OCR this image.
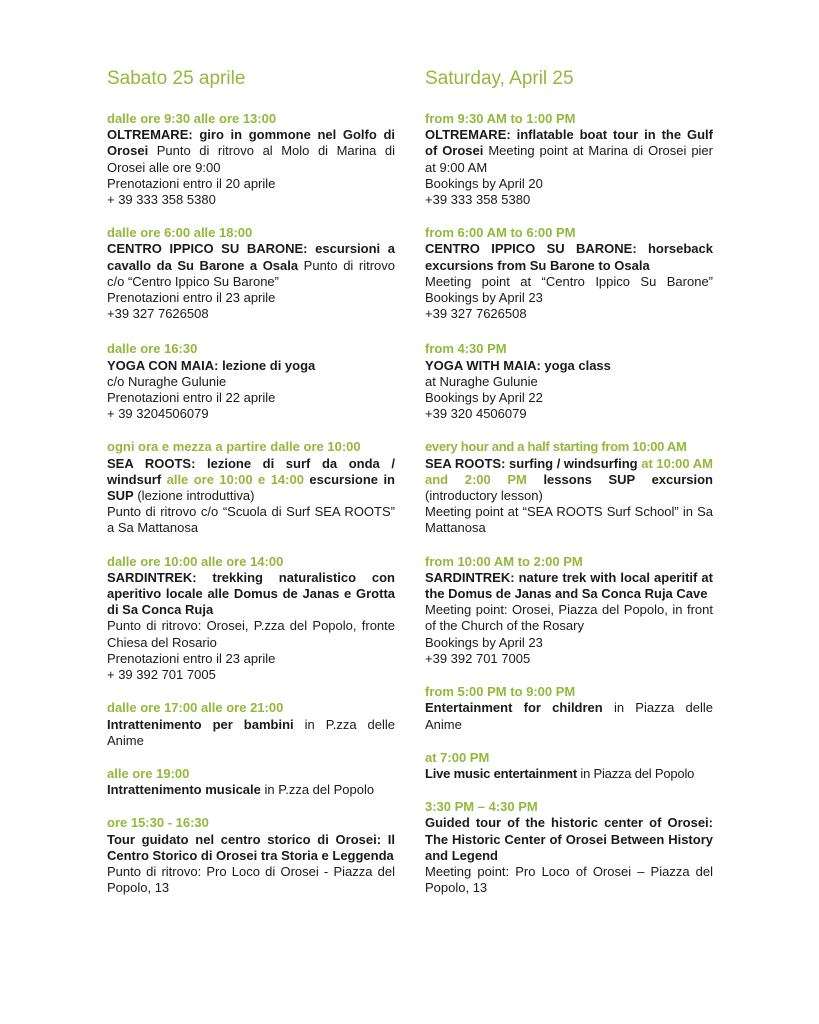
Sabato 25 aprile

dalle ore 9:30 alle ore 13:00

OLTREMARE: giro in gommone nel Golfo di Orosei Punto di ritrovo al Molo di Marina di Orosei alle ore 9:00

Prenotazioni entro il 20 aprile

+ 39 333 358 5380

dalle ore 6:00 alle 18:00

CENTRO IPPICO SU BARONE: escursioni a cavallo da Su Barone a Osala Punto di ritrovo c/o “Centro Ippico Su Barone”

Prenotazioni entro il 23 aprile

+39 327 7626508

dalle ore 16:30

YOGA CON MAIA: lezione di yoga

c/o Nuraghe Gulunie

Prenotazioni entro il 22 aprile

+ 39 3204506079

ogni ora e mezza a partire dalle ore 10:00

SEA ROOTS: lezione di surf da onda / windsurf alle ore 10:00 e 14:00 escursione in SUP (lezione introduttiva)

Punto di ritrovo c/o “Scuola di Surf SEA ROOTS” a Sa Mattanosa

dalle ore 10:00 alle ore 14:00

SARDINTREK: trekking naturalistico con aperitivo locale alle Domus de Janas e Grotta di Sa Conca Ruja

Punto di ritrovo: Orosei, P.zza del Popolo, fronte Chiesa del Rosario

Prenotazioni entro il 23 aprile

+ 39 392 701 7005

dalle ore 17:00 alle ore 21:00

Intrattenimento per bambini in P.zza delle Anime

alle ore 19:00

Intrattenimento musicale in P.zza del Popolo

ore 15:30 - 16:30

Tour guidato nel centro storico di Orosei: Il Centro Storico di Orosei tra Storia e Leggenda

Punto di ritrovo: Pro Loco di Orosei - Piazza del Popolo, 13

Saturday, April 25

from 9:30 AM to 1:00 PM

OLTREMARE: inflatable boat tour in the Gulf of Orosei Meeting point at Marina di Orosei pier at 9:00 AM

Bookings by April 20

+39 333 358 5380

from 6:00 AM to 6:00 PM

CENTRO IPPICO SU BARONE: horseback excursions from Su Barone to Osala

Meeting point at “Centro Ippico Su Barone” Bookings by April 23

+39 327 7626508

from 4:30 PM

YOGA WITH MAIA: yoga class

at Nuraghe Gulunie

Bookings by April 22

+39 320 4506079

every hour and a half starting from 10:00 AM

SEA ROOTS: surfing / windsurfing at 10:00 AM and 2:00 PM lessons SUP excursion (introductory lesson)

Meeting point at “SEA ROOTS Surf School” in Sa Mattanosa

from 10:00 AM to 2:00 PM

SARDINTREK: nature trek with local aperitif at the Domus de Janas and Sa Conca Ruja Cave

Meeting point: Orosei, Piazza del Popolo, in front of the Church of the Rosary

Bookings by April 23

+39 392 701 7005

from 5:00 PM to 9:00 PM

Entertainment for children in Piazza delle Anime

at 7:00 PM

Live music entertainment in Piazza del Popolo

3:30 PM – 4:30 PM

Guided tour of the historic center of Orosei: The Historic Center of Orosei Between History and Legend

Meeting point: Pro Loco of Orosei – Piazza del Popolo, 13
